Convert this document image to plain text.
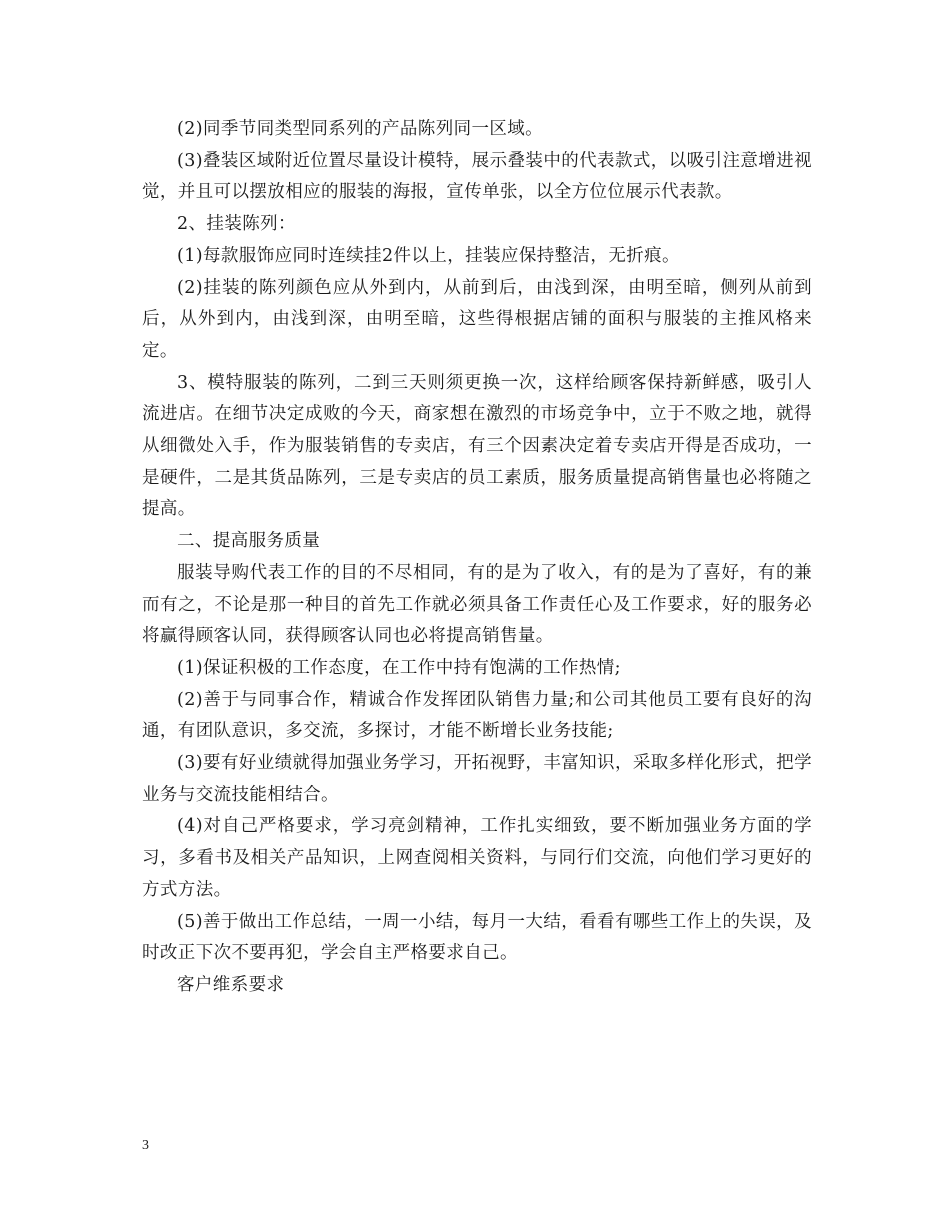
(2)同季节同类型同系列的产品陈列同一区域。

(3)叠装区域附近位置尽量设计模特，展示叠装中的代表款式，以吸引注意增进视觉，并且可以摆放相应的服装的海报，宣传单张，以全方位位展示代表款。

2、挂装陈列：

(1)每款服饰应同时连续挂2件以上，挂装应保持整洁，无折痕。

(2)挂装的陈列颜色应从外到内，从前到后，由浅到深，由明至暗，侧列从前到后，从外到内，由浅到深，由明至暗，这些得根据店铺的面积与服装的主推风格来定。

3、模特服装的陈列，二到三天则须更换一次，这样给顾客保持新鲜感，吸引人流进店。在细节决定成败的今天，商家想在激烈的市场竞争中，立于不败之地，就得从细微处入手，作为服装销售的专卖店，有三个因素决定着专卖店开得是否成功，一是硬件，二是其货品陈列，三是专卖店的员工素质，服务质量提高销售量也必将随之提高。

二、提高服务质量

服装导购代表工作的目的不尽相同，有的是为了收入，有的是为了喜好，有的兼而有之，不论是那一种目的首先工作就必须具备工作责任心及工作要求，好的服务必将赢得顾客认同，获得顾客认同也必将提高销售量。

(1)保证积极的工作态度，在工作中持有饱满的工作热情;

(2)善于与同事合作，精诚合作发挥团队销售力量;和公司其他员工要有良好的沟通，有团队意识，多交流，多探讨，才能不断增长业务技能;

(3)要有好业绩就得加强业务学习，开拓视野，丰富知识，采取多样化形式，把学业务与交流技能相结合。

(4)对自己严格要求，学习亮剑精神，工作扎实细致，要不断加强业务方面的学习，多看书及相关产品知识，上网查阅相关资料，与同行们交流，向他们学习更好的方式方法。

(5)善于做出工作总结，一周一小结，每月一大结，看看有哪些工作上的失误，及时改正下次不要再犯，学会自主严格要求自己。

客户维系要求

3
